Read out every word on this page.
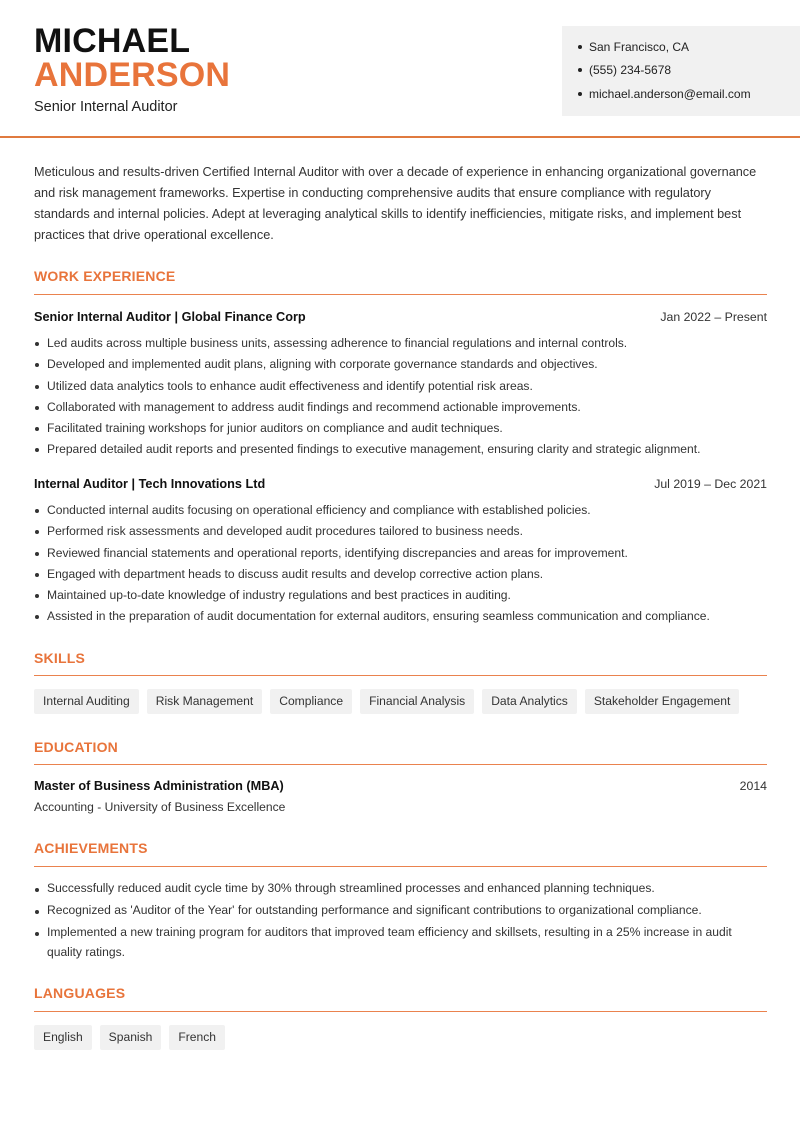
MICHAEL
ANDERSON
Senior Internal Auditor
San Francisco, CA
(555) 234-5678
michael.anderson@email.com
Meticulous and results-driven Certified Internal Auditor with over a decade of experience in enhancing organizational governance and risk management frameworks. Expertise in conducting comprehensive audits that ensure compliance with regulatory standards and internal policies. Adept at leveraging analytical skills to identify inefficiencies, mitigate risks, and implement best practices that drive operational excellence.
WORK EXPERIENCE
Senior Internal Auditor | Global Finance Corp	Jan 2022 – Present
Led audits across multiple business units, assessing adherence to financial regulations and internal controls.
Developed and implemented audit plans, aligning with corporate governance standards and objectives.
Utilized data analytics tools to enhance audit effectiveness and identify potential risk areas.
Collaborated with management to address audit findings and recommend actionable improvements.
Facilitated training workshops for junior auditors on compliance and audit techniques.
Prepared detailed audit reports and presented findings to executive management, ensuring clarity and strategic alignment.
Internal Auditor | Tech Innovations Ltd	Jul 2019 – Dec 2021
Conducted internal audits focusing on operational efficiency and compliance with established policies.
Performed risk assessments and developed audit procedures tailored to business needs.
Reviewed financial statements and operational reports, identifying discrepancies and areas for improvement.
Engaged with department heads to discuss audit results and develop corrective action plans.
Maintained up-to-date knowledge of industry regulations and best practices in auditing.
Assisted in the preparation of audit documentation for external auditors, ensuring seamless communication and compliance.
SKILLS
Internal Auditing	Risk Management	Compliance	Financial Analysis	Data Analytics	Stakeholder Engagement
EDUCATION
Master of Business Administration (MBA)	2014
Accounting - University of Business Excellence
ACHIEVEMENTS
Successfully reduced audit cycle time by 30% through streamlined processes and enhanced planning techniques.
Recognized as 'Auditor of the Year' for outstanding performance and significant contributions to organizational compliance.
Implemented a new training program for auditors that improved team efficiency and skillsets, resulting in a 25% increase in audit quality ratings.
LANGUAGES
English	Spanish	French
